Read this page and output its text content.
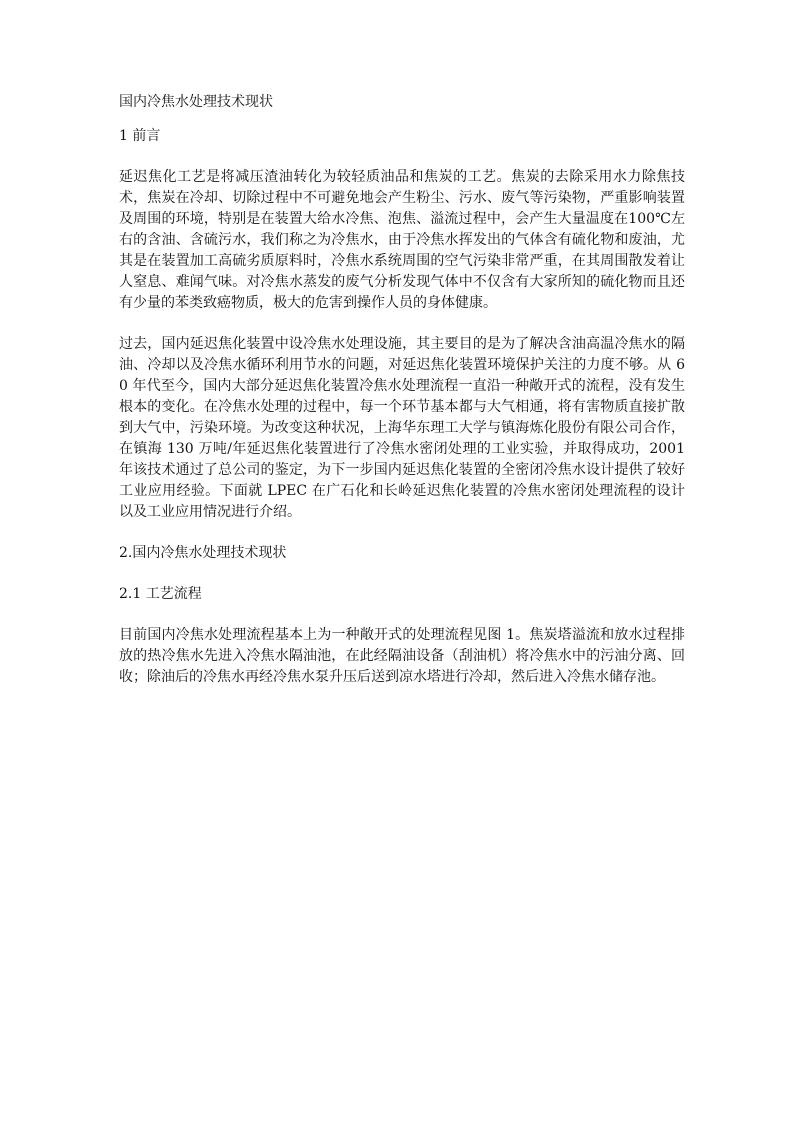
国内冷焦水处理技术现状

1 前言

延迟焦化工艺是将减压渣油转化为较轻质油品和焦炭的工艺。焦炭的去除采用水力除焦技术，焦炭在冷却、切除过程中不可避免地会产生粉尘、污水、废气等污染物，严重影响装置及周围的环境，特别是在装置大给水冷焦、泡焦、溢流过程中，会产生大量温度在100℃左右的含油、含硫污水，我们称之为冷焦水，由于冷焦水挥发出的气体含有硫化物和废油，尤其是在装置加工高硫劣质原料时，冷焦水系统周围的空气污染非常严重，在其周围散发着让人窒息、难闻气味。对冷焦水蒸发的废气分析发现气体中不仅含有大家所知的硫化物而且还有少量的苯类致癌物质，极大的危害到操作人员的身体健康。

过去，国内延迟焦化装置中设冷焦水处理设施，其主要目的是为了解决含油高温冷焦水的隔油、冷却以及冷焦水循环利用节水的问题，对延迟焦化装置环境保护关注的力度不够。从 60 年代至今，国内大部分延迟焦化装置冷焦水处理流程一直沿一种敞开式的流程，没有发生根本的变化。在冷焦水处理的过程中，每一个环节基本都与大气相通，将有害物质直接扩散到大气中，污染环境。为改变这种状况，上海华东理工大学与镇海炼化股份有限公司合作，在镇海 130 万吨/年延迟焦化装置进行了冷焦水密闭处理的工业实验，并取得成功，2001 年该技术通过了总公司的鉴定，为下一步国内延迟焦化装置的全密闭冷焦水设计提供了较好工业应用经验。下面就 LPEC 在广石化和长岭延迟焦化装置的冷焦水密闭处理流程的设计以及工业应用情况进行介绍。

2.国内冷焦水处理技术现状

2.1 工艺流程

目前国内冷焦水处理流程基本上为一种敞开式的处理流程见图 1。焦炭塔溢流和放水过程排放的热冷焦水先进入冷焦水隔油池，在此经隔油设备（刮油机）将冷焦水中的污油分离、回收；除油后的冷焦水再经冷焦水泵升压后送到凉水塔进行冷却，然后进入冷焦水储存池。
